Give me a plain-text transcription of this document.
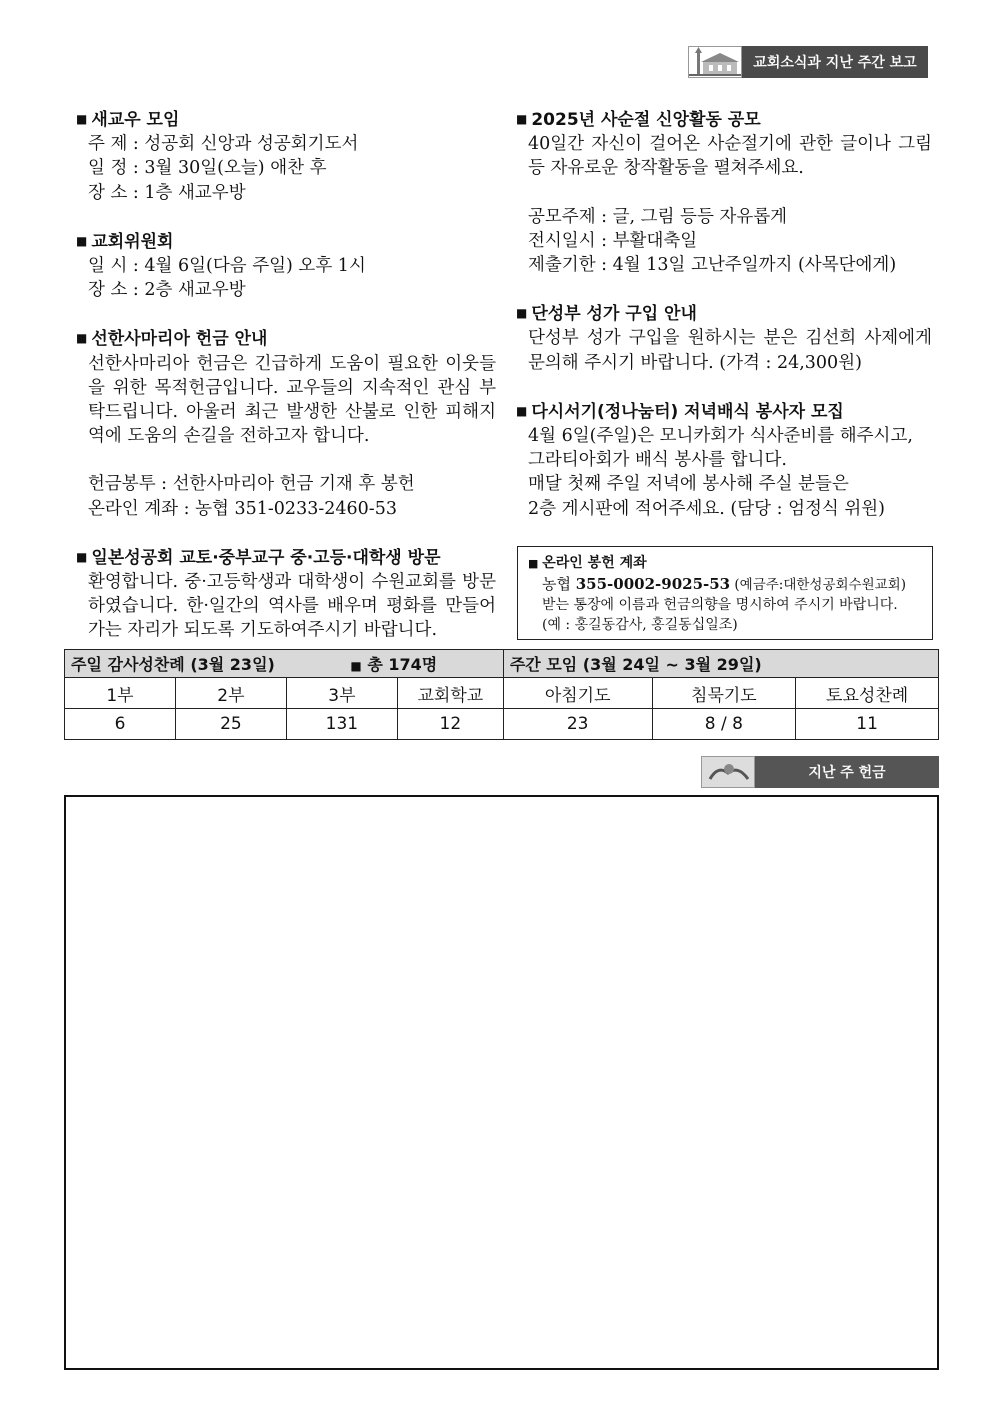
교회소식과 지난 주간 보고
■ 새교우 모임
주 제 : 성공회 신앙과 성공회기도서
일 정 : 3월 30일(오늘) 애찬 후
장 소 : 1층 새교우방
■ 교회위원회
일 시 : 4월 6일(다음 주일) 오후 1시
장 소 : 2층 새교우방
■ 선한사마리아 헌금 안내
선한사마리아 헌금은 긴급하게 도움이 필요한 이웃들을 위한 목적헌금입니다. 교우들의 지속적인 관심 부탁드립니다. 아울러 최근 발생한 산불로 인한 피해지역에 도움의 손길을 전하고자 합니다.
헌금봉투 : 선한사마리아 헌금 기재 후 봉헌
온라인 계좌 : 농협 351-0233-2460-53
■ 일본성공회 교토·중부교구 중·고등·대학생 방문
환영합니다. 중·고등학생과 대학생이 수원교회를 방문하였습니다. 한·일간의 역사를 배우며 평화를 만들어가는 자리가 되도록 기도하여주시기 바랍니다.
■ 2025년 사순절 신앙활동 공모
40일간 자신이 걸어온 사순절기에 관한 글이나 그림 등 자유로운 창작활동을 펼쳐주세요.
공모주제 : 글, 그림 등등 자유롭게
전시일시 : 부활대축일
제출기한 : 4월 13일 고난주일까지 (사목단에게)
■ 단성부 성가 구입 안내
단성부 성가 구입을 원하시는 분은 김선희 사제에게 문의해 주시기 바랍니다. (가격 : 24,300원)
■ 다시서기(정나눔터) 저녁배식 봉사자 모집
4월 6일(주일)은 모니카회가 식사준비를 해주시고,
그라티아회가 배식 봉사를 합니다.
매달 첫째 주일 저녁에 봉사해 주실 분들은
2층 게시판에 적어주세요. (담당 : 엄정식 위원)
■ 온라인 봉헌 계좌
농협 355-0002-9025-53 (예금주:대한성공회수원교회)
받는 통장에 이름과 헌금의향을 명시하여 주시기 바랍니다.
(예 : 홍길동감사, 홍길동십일조)
주일 감사성찬례 (3월 23일) ■ 총 174명				주간 모임 (3월 24일 ~ 3월 29일)		
1부	2부	3부	교회학교	아침기도	침묵기도	토요성찬례
6	25	131	12	23	8 / 8	11
지난 주 헌금
